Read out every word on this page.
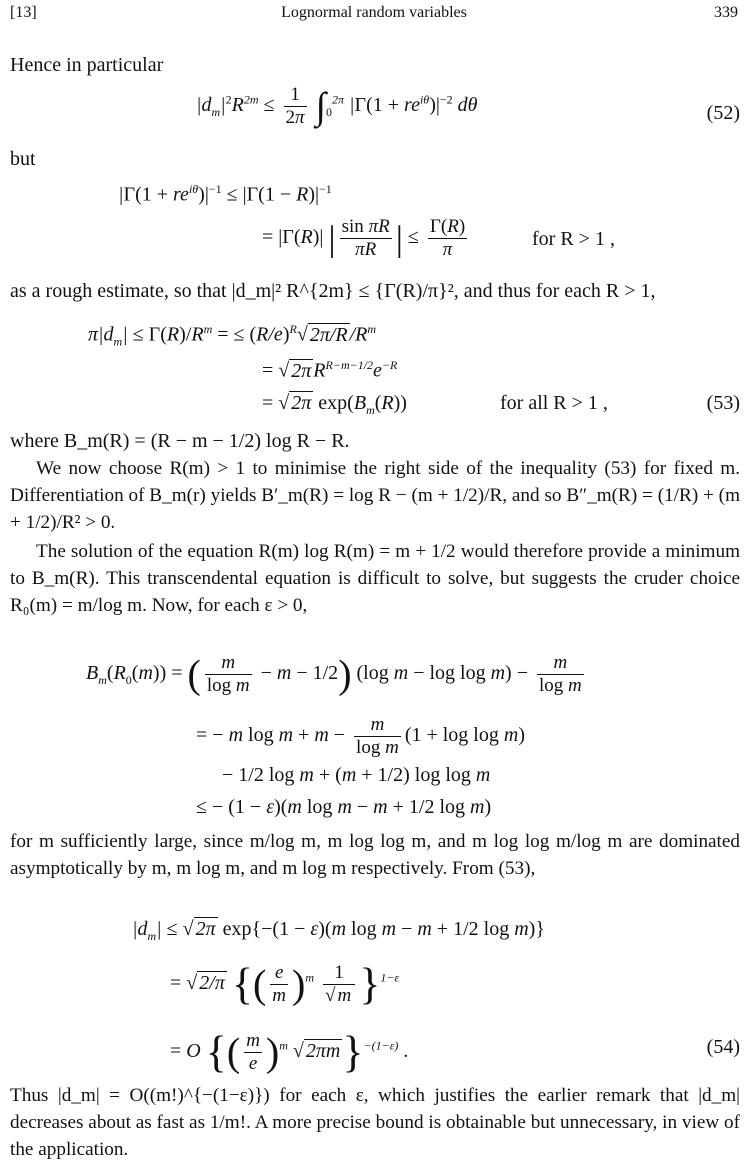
[13]	Lognormal random variables	339
Hence in particular
$|d_m|^2R^{2m} \le \frac{1}{2\pi} \int_0^{2\pi}$ $|\Gamma(1 + re^{i\theta})|^{-2}$ dθ	(52)
but
$|\Gamma(1 + re^{i\theta})|^{-1} \le |\Gamma(1 - R)|^{-1}$
= |Γ(R)| | $\frac{\text{sin πR}}{\pi R}$ | ≤ $\frac{\Gamma(R)}{\pi}$	for R > 1 ,
as a rough estimate, so that |d_m|² R^{2m} ≤ {Γ(R)/π}², and thus for each R > 1,
$\pi|d_m| \le \Gamma(R)/R^m$ = ≤ $(R/e)^R√$ 2π/R $/R^m$
= √ 2π $R^{R-m-1/2}e^{-R}$
= √ 2π $\exp(B_m(R))$	for all R > 1 ,	(53)
where B_m(R) = (R − m − 1/2) log R − R.
We now choose R(m) > 1 to minimise the right side of the inequality (53) for fixed m. Differentiation of B_m(r) yields B′_m(R) = log R − (m + 1/2)/R, and so B″_m(R) = (1/R) + (m + 1/2)/R² > 0.
The solution of the equation R(m) log R(m) = m + 1/2 would therefore provide a minimum to B_m(R). This transcendental equation is difficult to solve, but suggests the cruder choice R₀(m) = m/log m. Now, for each ε > 0,
$B_m(R_0(m))$ = ( $\frac{m}{\text{log m}} - m - 1/2$) (log $m - \log \log m) - \frac{m}{\text{log m}}$
= − m $\log m + m - \frac{m}{\text{log m}} (1 + \log \log m)$
− 1/2 log m + (m + 1/2) log log m
≤ − (1 − ε)(m log m − m + 1/2 log m)
for m sufficiently large, since m/log m, m log log m, and m log log m/log m are dominated asymptotically by m, m log m, and m log m respectively. From (53),
$|d_m|$ ≤ √ 2π exp{−(1 − ε)(m log m − m + 1/2 log m)}
= √ 2/π {( $\frac{e}{m} )^m \frac{1}{√ m} \}^{1-\varepsilon}$
= O {( $\frac{m}{e} )^m$ √ 2πm}$^{-(1-\varepsilon)}$ .	(54)
Thus |d_m| = O((m!)^{−(1−ε)}) for each ε, which justifies the earlier remark that |d_m| decreases about as fast as 1/m!. A more precise bound is obtainable but unnecessary, in view of the application.
